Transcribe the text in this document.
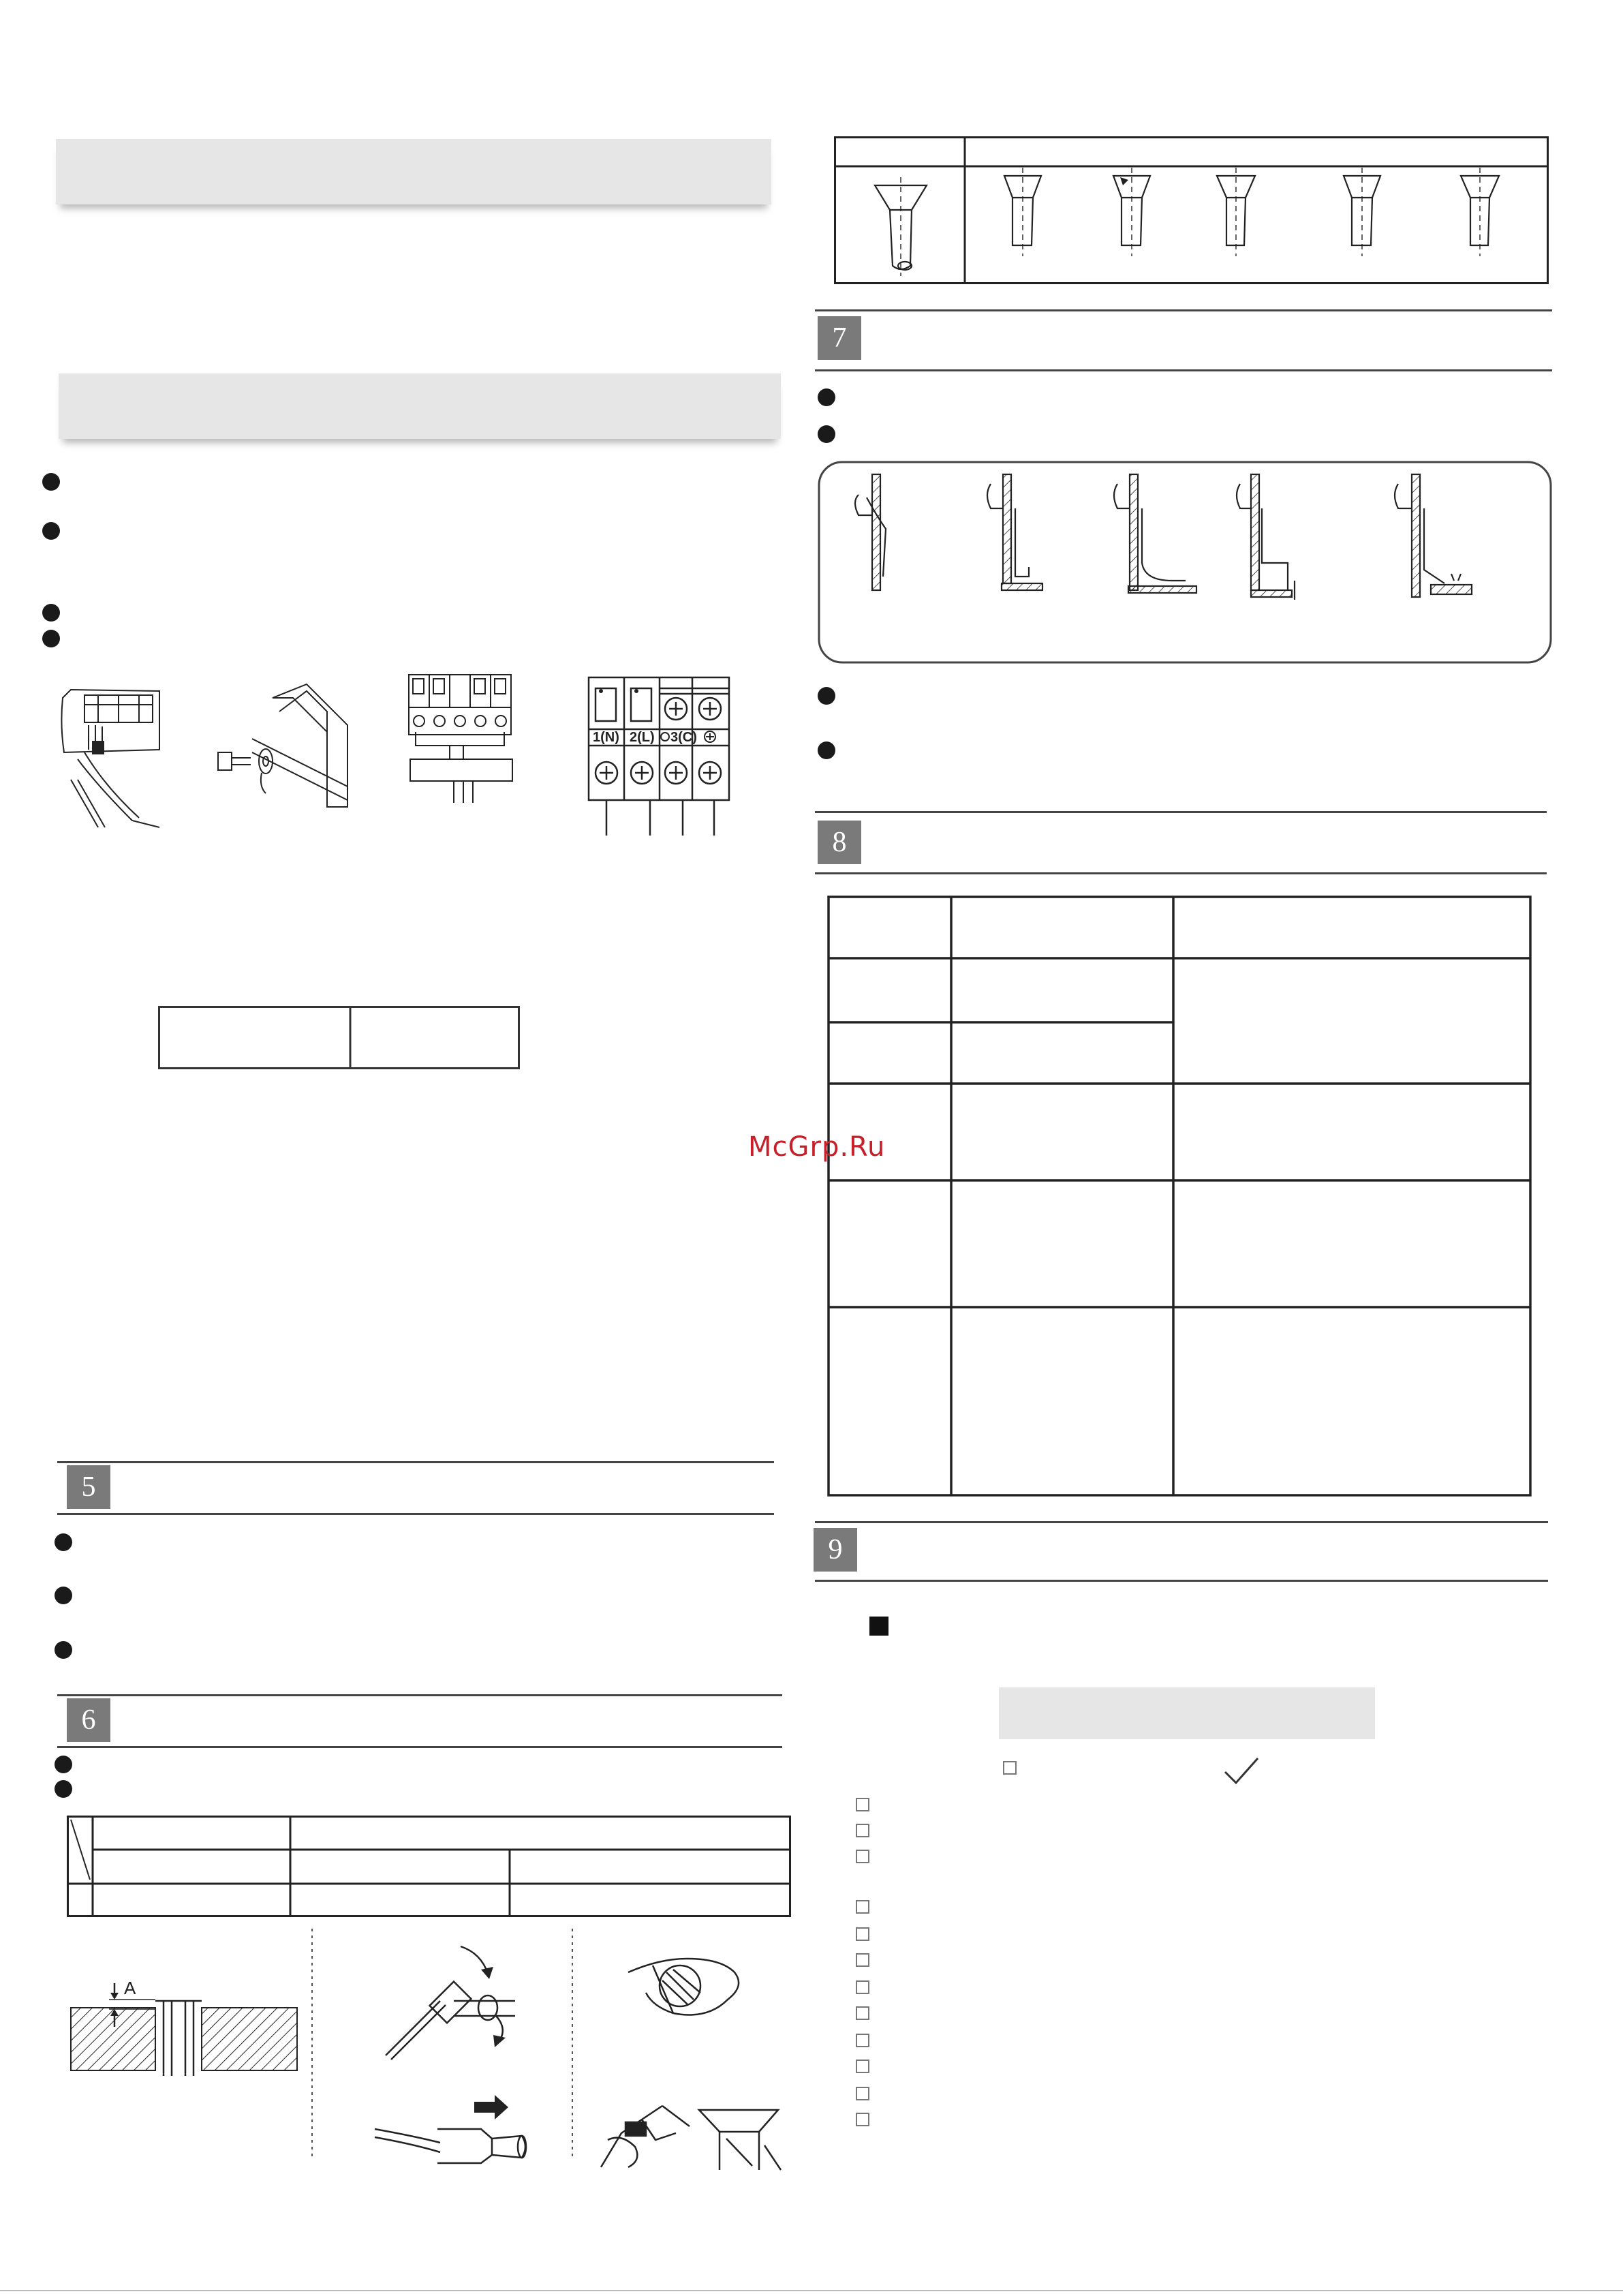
1(N) 2(L) 3(C)
5
6
A
7
8
9
McGrp.Ru
